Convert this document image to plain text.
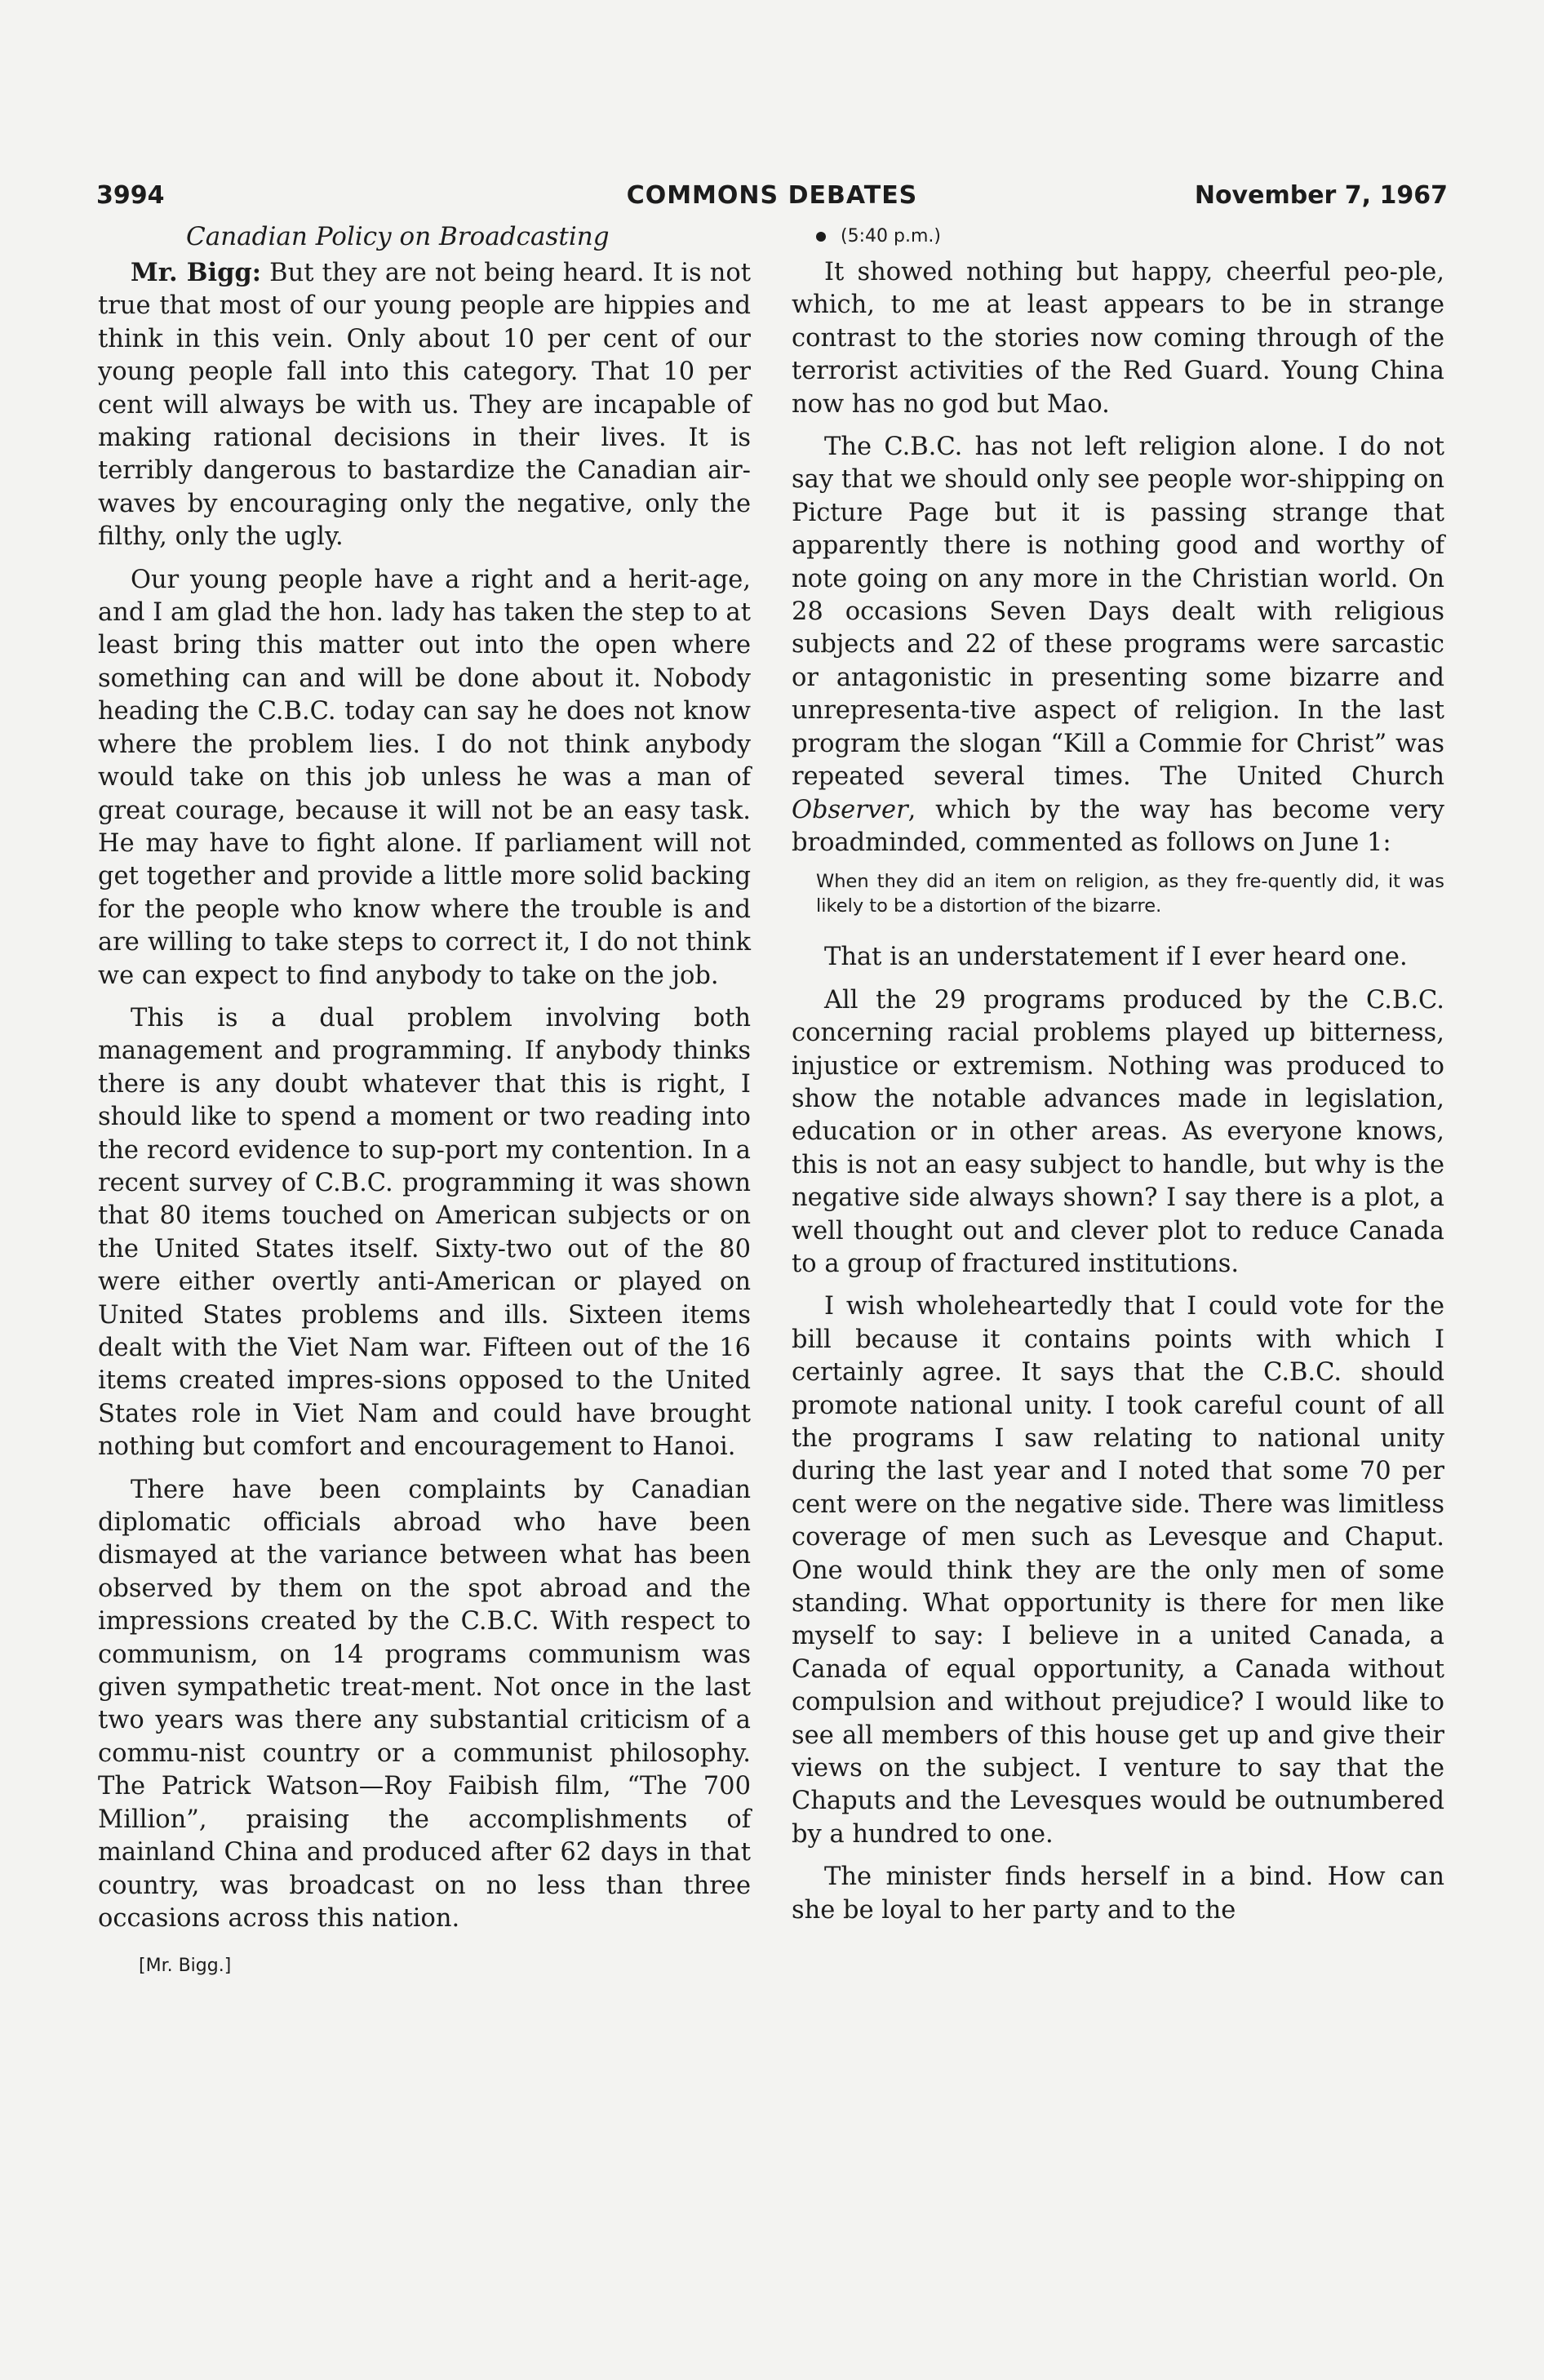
3994	COMMONS DEBATES	November 7, 1967
Canadian Policy on Broadcasting

Mr. Bigg: But they are not being heard. It is not true that most of our young people are hippies and think in this vein. Only about 10 per cent of our young people fall into this category. That 10 per cent will always be with us. They are incapable of making rational decisions in their lives. It is terribly dangerous to bastardize the Canadian air-waves by encouraging only the negative, only the filthy, only the ugly.

Our young people have a right and a herit-age, and I am glad the hon. lady has taken the step to at least bring this matter out into the open where something can and will be done about it. Nobody heading the C.B.C. today can say he does not know where the problem lies. I do not think anybody would take on this job unless he was a man of great courage, because it will not be an easy task. He may have to fight alone. If parliament will not get together and provide a little more solid backing for the people who know where the trouble is and are willing to take steps to correct it, I do not think we can expect to find anybody to take on the job.

This is a dual problem involving both management and programming. If anybody thinks there is any doubt whatever that this is right, I should like to spend a moment or two reading into the record evidence to sup-port my contention. In a recent survey of C.B.C. programming it was shown that 80 items touched on American subjects or on the United States itself. Sixty-two out of the 80 were either overtly anti-American or played on United States problems and ills. Sixteen items dealt with the Viet Nam war. Fifteen out of the 16 items created impres-sions opposed to the United States role in Viet Nam and could have brought nothing but comfort and encouragement to Hanoi.

There have been complaints by Canadian diplomatic officials abroad who have been dismayed at the variance between what has been observed by them on the spot abroad and the impressions created by the C.B.C. With respect to communism, on 14 programs communism was given sympathetic treat-ment. Not once in the last two years was there any substantial criticism of a commu-nist country or a communist philosophy. The Patrick Watson—Roy Faibish film, “The 700 Million”, praising the accomplishments of mainland China and produced after 62 days in that country, was broadcast on no less than three occasions across this nation.

[Mr. Bigg.]
(5:40 p.m.)

It showed nothing but happy, cheerful peo-ple, which, to me at least appears to be in strange contrast to the stories now coming through of the terrorist activities of the Red Guard. Young China now has no god but Mao.

The C.B.C. has not left religion alone. I do not say that we should only see people wor-shipping on Picture Page but it is passing strange that apparently there is nothing good and worthy of note going on any more in the Christian world. On 28 occasions Seven Days dealt with religious subjects and 22 of these programs were sarcastic or antagonistic in presenting some bizarre and unrepresenta-tive aspect of religion. In the last program the slogan “Kill a Commie for Christ” was repeated several times. The United Church Observer, which by the way has become very broadminded, commented as follows on June 1:

When they did an item on religion, as they fre-quently did, it was likely to be a distortion of the bizarre.

That is an understatement if I ever heard one.

All the 29 programs produced by the C.B.C. concerning racial problems played up bitterness, injustice or extremism. Nothing was produced to show the notable advances made in legislation, education or in other areas. As everyone knows, this is not an easy subject to handle, but why is the negative side always shown? I say there is a plot, a well thought out and clever plot to reduce Canada to a group of fractured institutions.

I wish wholeheartedly that I could vote for the bill because it contains points with which I certainly agree. It says that the C.B.C. should promote national unity. I took careful count of all the programs I saw relating to national unity during the last year and I noted that some 70 per cent were on the negative side. There was limitless coverage of men such as Levesque and Chaput. One would think they are the only men of some standing. What opportunity is there for men like myself to say: I believe in a united Canada, a Canada of equal opportunity, a Canada without compulsion and without prejudice? I would like to see all members of this house get up and give their views on the subject. I venture to say that the Chaputs and the Levesques would be outnumbered by a hundred to one.

The minister finds herself in a bind. How can she be loyal to her party and to the
